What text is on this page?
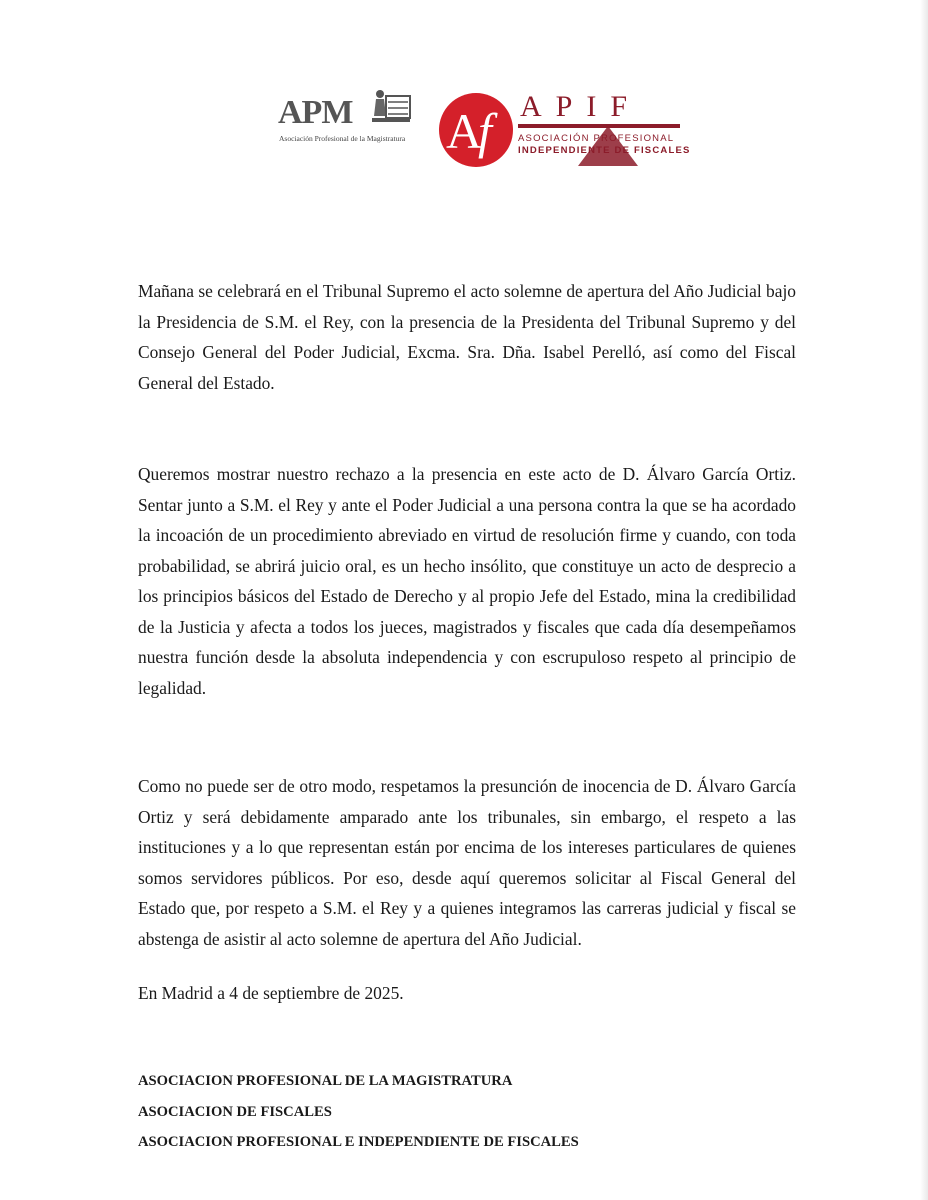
APM
Asociación Profesional de la Magistratura A
f APIF
ASOCIACIÓN PROFESIONAL
INDEPENDIENTE DE FISCALES

Mañana se celebrará en el Tribunal Supremo el acto solemne de apertura del Año Judicial bajo la Presidencia de S.M. el Rey, con la presencia de la Presidenta del Tribunal Supremo y del Consejo General del Poder Judicial, Excma. Sra. Dña. Isabel Perelló, así como del Fiscal General del Estado.

Queremos mostrar nuestro rechazo a la presencia en este acto de D. Álvaro García Ortiz. Sentar junto a S.M. el Rey y ante el Poder Judicial a una persona contra la que se ha acordado la incoación de un procedimiento abreviado en virtud de resolución firme y cuando, con toda probabilidad, se abrirá juicio oral, es un hecho insólito, que constituye un acto de desprecio a los principios básicos del Estado de Derecho y al propio Jefe del Estado, mina la credibilidad de la Justicia y afecta a todos los jueces, magistrados y fiscales que cada día desempeñamos nuestra función desde la absoluta independencia y con escrupuloso respeto al principio de legalidad.

Como no puede ser de otro modo, respetamos la presunción de inocencia de D. Álvaro García Ortiz y será debidamente amparado ante los tribunales, sin embargo, el respeto a las instituciones y a lo que representan están por encima de los intereses particulares de quienes somos servidores públicos. Por eso, desde aquí queremos solicitar al Fiscal General del Estado que, por respeto a S.M. el Rey y a quienes integramos las carreras judicial y fiscal se abstenga de asistir al acto solemne de apertura del Año Judicial.

En Madrid a 4 de septiembre de 2025.
ASOCIACION PROFESIONAL DE LA MAGISTRATURA
ASOCIACION DE FISCALES
ASOCIACION PROFESIONAL E INDEPENDIENTE DE FISCALES
